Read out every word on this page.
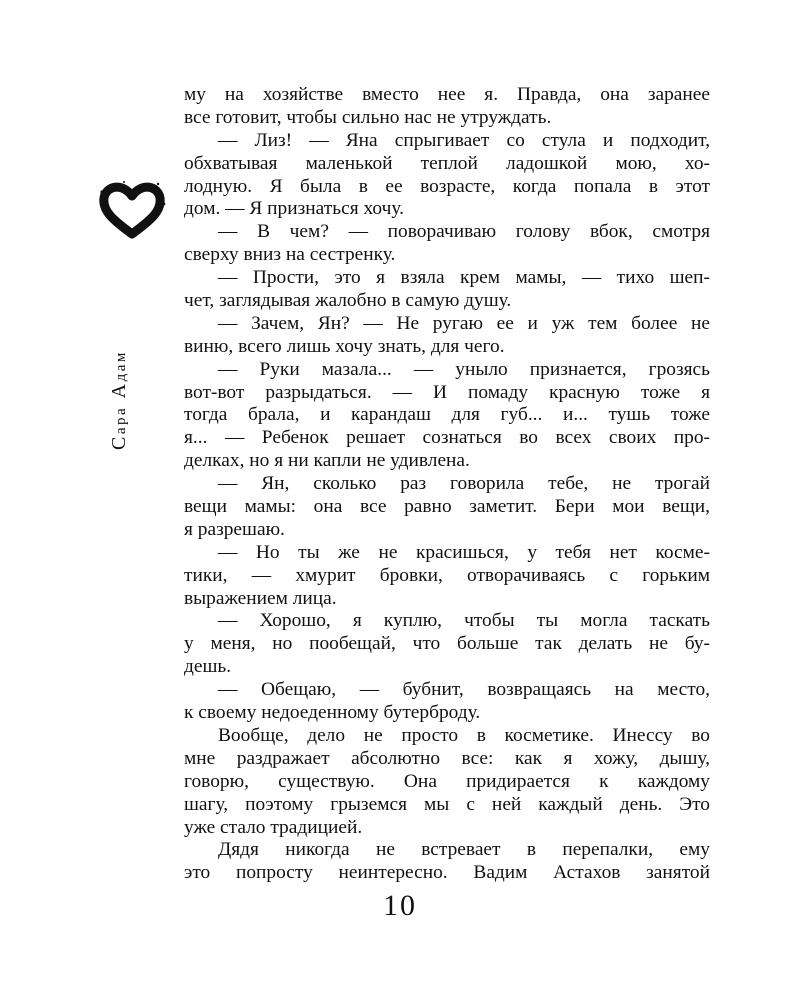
Сара Адам
му на хозяйстве вместо нее я. Правда, она заранее
все готовит, чтобы сильно нас не утруждать.
— Лиз! — Яна спрыгивает со стула и подходит,
обхватывая маленькой теплой ладошкой мою, хо-
лодную. Я была в ее возрасте, когда попала в этот
дом. — Я признаться хочу.
— В чем? — поворачиваю голову вбок, смотря
сверху вниз на сестренку.
— Прости, это я взяла крем мамы, — тихо шеп-
чет, заглядывая жалобно в самую душу.
— Зачем, Ян? — Не ругаю ее и уж тем более не
виню, всего лишь хочу знать, для чего.
— Руки мазала... — уныло признается, грозясь
вот-вот разрыдаться. — И помаду красную тоже я
тогда брала, и карандаш для губ... и... тушь тоже
я... — Ребенок решает сознаться во всех своих про-
делках, но я ни капли не удивлена.
— Ян, сколько раз говорила тебе, не трогай
вещи мамы: она все равно заметит. Бери мои вещи,
я разрешаю.
— Но ты же не красишься, у тебя нет космe-
тики, — хмурит бровки, отворачиваясь с горьким
выражением лица.
— Хорошо, я куплю, чтобы ты могла таскать
у меня, но пообещай, что больше так делать не бу-
дешь.
— Обещаю, — бубнит, возвращаясь на место,
к своему недоеденному бутерброду.
Вообще, дело не просто в косметике. Инессу во
мне раздражает абсолютно все: как я хожу, дышу,
говорю, существую. Она придирается к каждому
шагу, поэтому грыземся мы с ней каждый день. Это
уже стало традицией.
Дядя никогда не встревает в перепалки, ему
это попросту неинтересно. Вадим Астахов занятой
10
